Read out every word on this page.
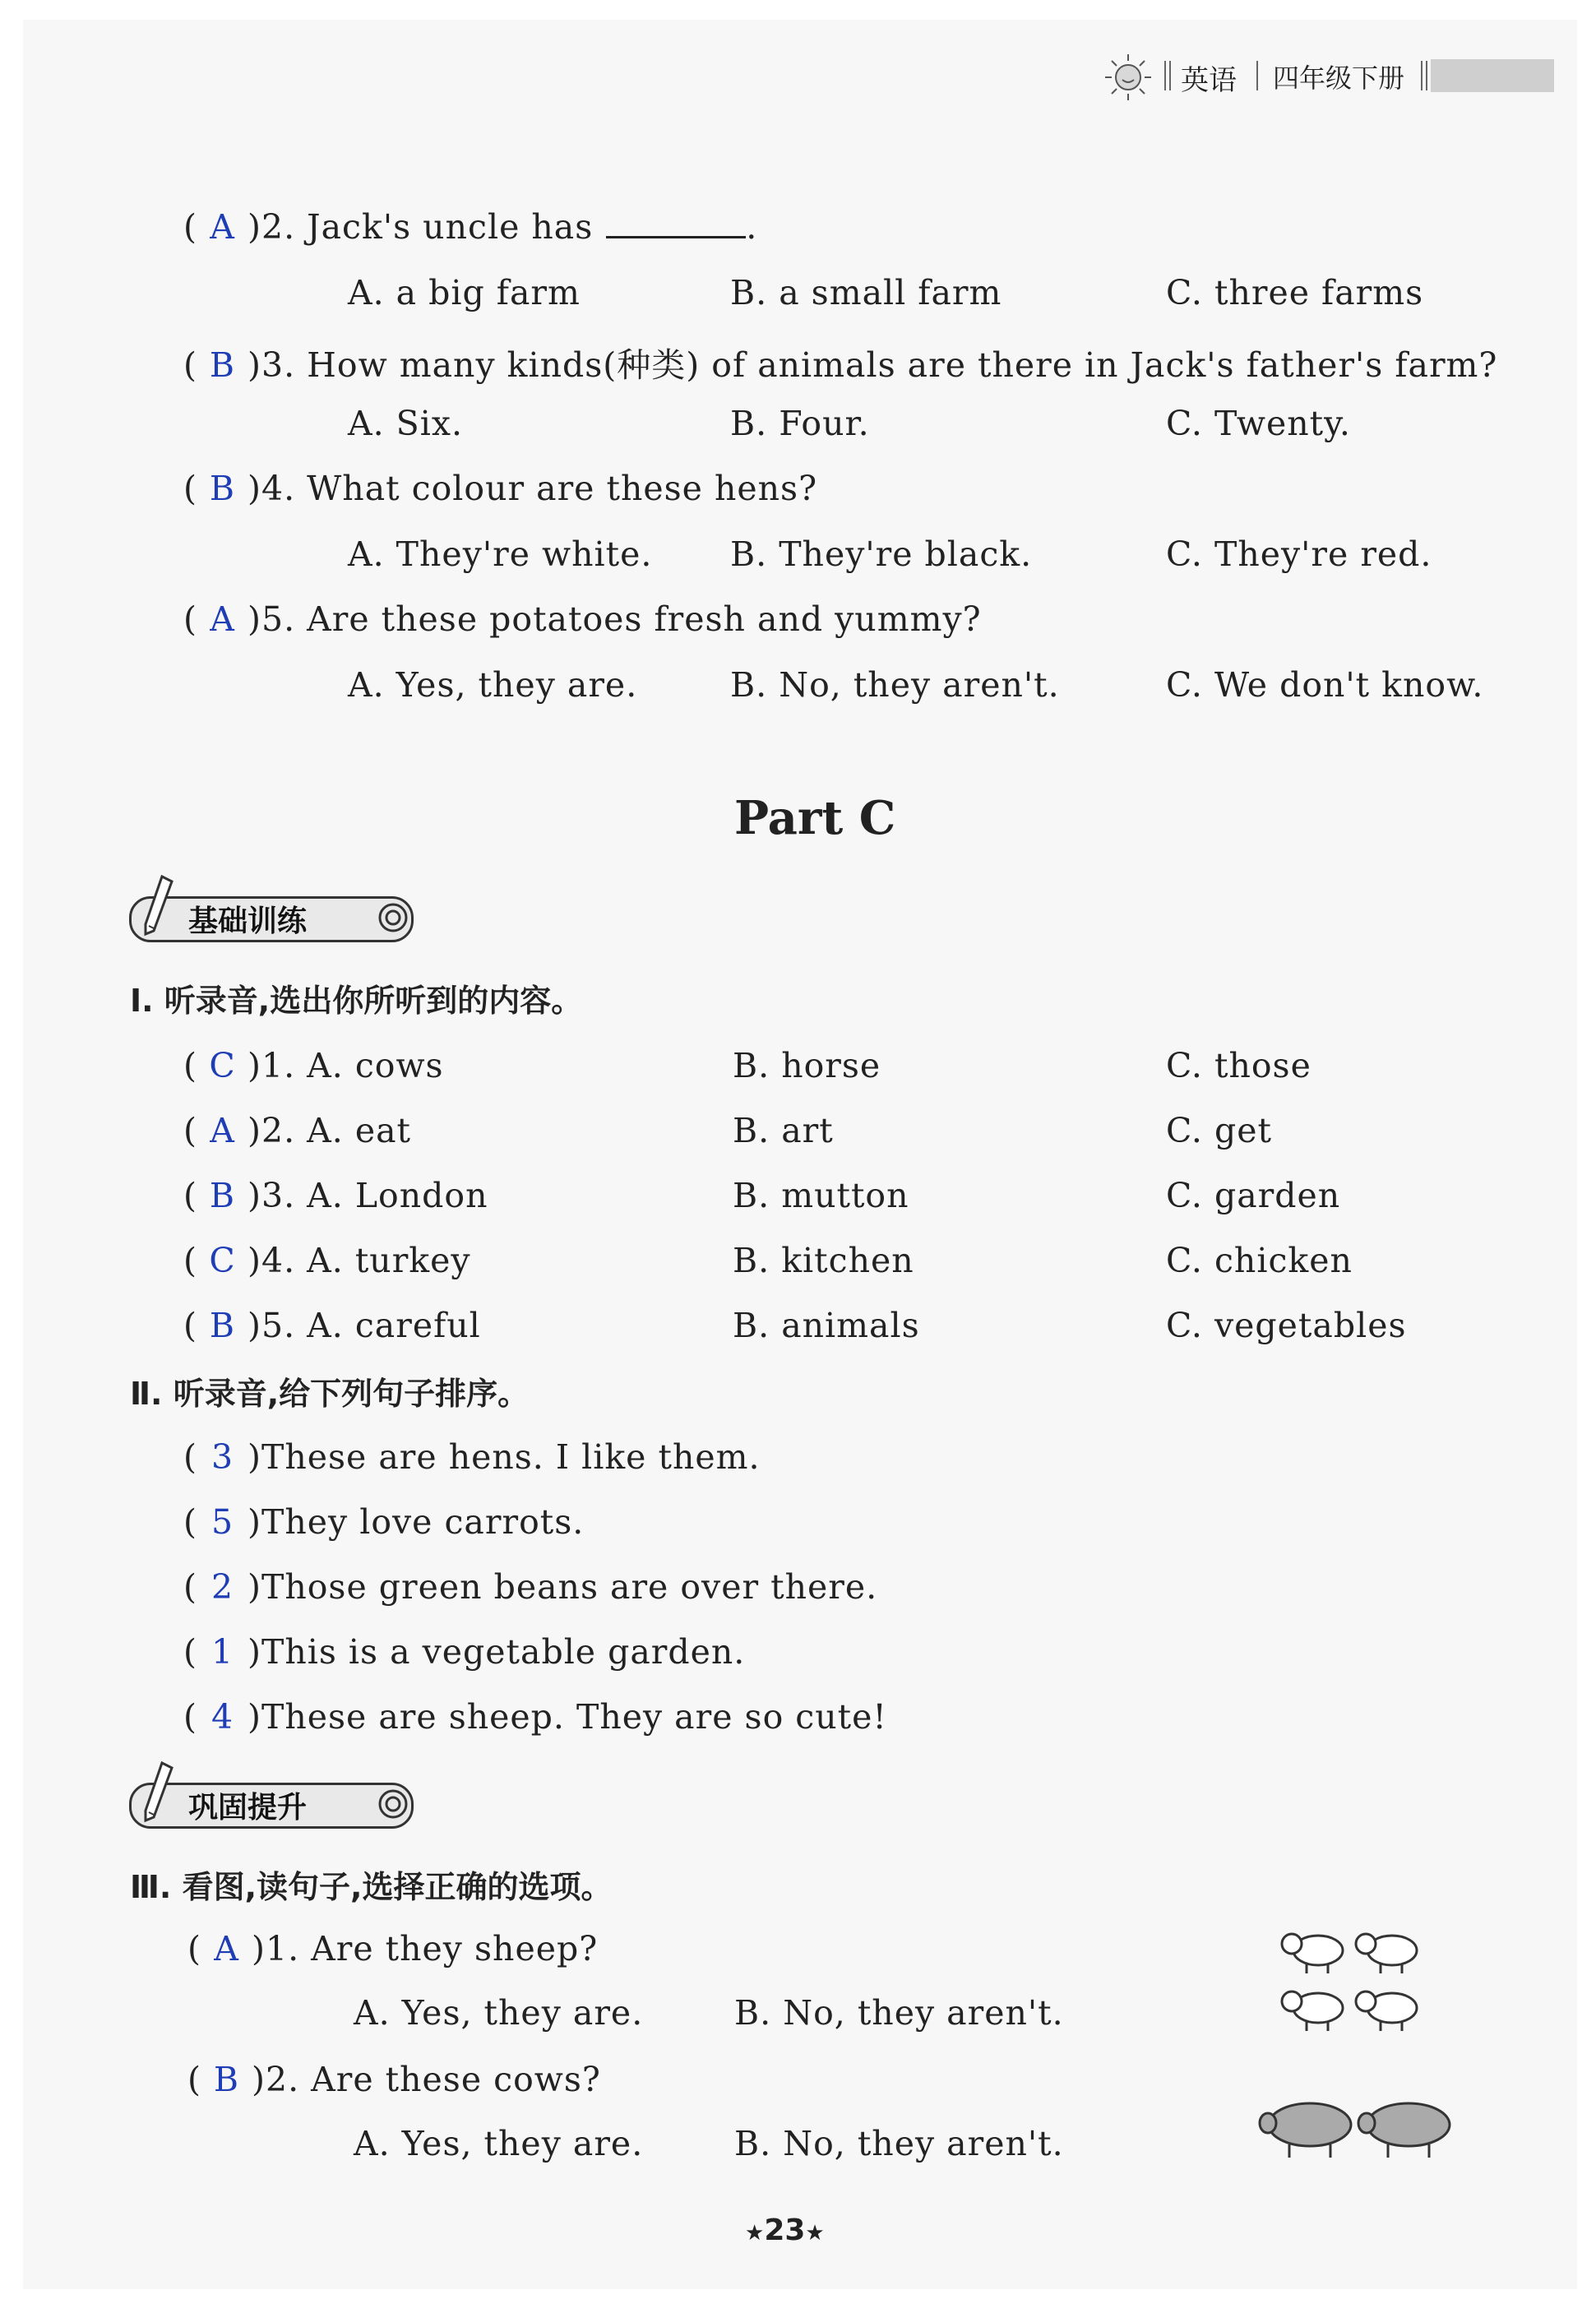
英语 四年级下册
( A )2. Jack's uncle has	.
A. a big farm	B. a small farm	C. three farms
( B )3. How many kinds(种类) of animals are there in Jack's father's farm?
A. Six.	B. Four.	C. Twenty.
( B )4. What colour are these hens?
A. They're white. B. They're black.	C. They're red.
( A )5. Are these potatoes fresh and yummy?
A. Yes, they are.	B. No, they aren't.	C. We don't know.
Part C
基础训练
Ⅰ. 听录音,选出你所听到的内容。
( C )1. A. cows	B. horse	C. those
( A )2. A. eat	B. art	C. get
( B )3. A. London	B. mutton	C. garden
( C )4. A. turkey	B. kitchen	C. chicken
( B )5. A. careful	B. animals	C. vegetables
Ⅱ. 听录音,给下列句子排序。
( 3 )These are hens. I like them.
( 5 )They love carrots.
( 2 )Those green beans are over there.
( 1 )This is a vegetable garden.
( 4 )These are sheep. They are so cute!
巩固提升
Ⅲ. 看图,读句子,选择正确的选项。
( A )1. Are they sheep?
A. Yes, they are.	B. No, they aren't.
( B )2. Are these cows?
A. Yes, they are.	B. No, they aren't.
★23★
